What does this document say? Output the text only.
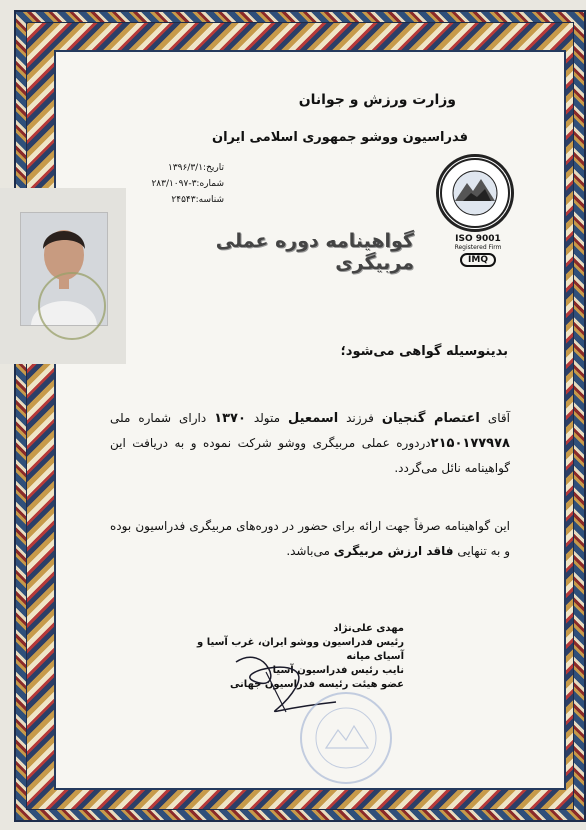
وزارت ورزش و جوانان
فدراسیون ووشو جمهوری اسلامی ایران
تاریخ:۱۳۹۶/۳/۱
شماره:۳-۲۸۳/۱۰۹۷
شناسه:۲۴۵۴۳
ISO 9001
Registered Firm
IMQ
گواهینامه دوره عملی مربیگری
بدینوسیله گواهی می‌شود؛
آقای اعتصام گنجیان فرزند اسمعیل متولد ۱۳۷۰ دارای شماره ملی ۲۱۵۰۱۷۷۹۷۸دردوره عملی مربیگری ووشو شرکت نموده و به دریافت این گواهینامه نائل می‌گردد.
این گواهینامه صرفاً جهت ارائه برای حضور در دوره‌های مربیگری فدراسیون بوده و به تنهایی فاقد ارزش مربیگری می‌باشد.
مهدی علی‌نژاد
رئیس فدراسیون ووشو ایران، غرب آسیا و آسیای میانه
نایب رئیس فدراسیون آسیا
عضو هیئت رئیسه فدراسیون جهانی
